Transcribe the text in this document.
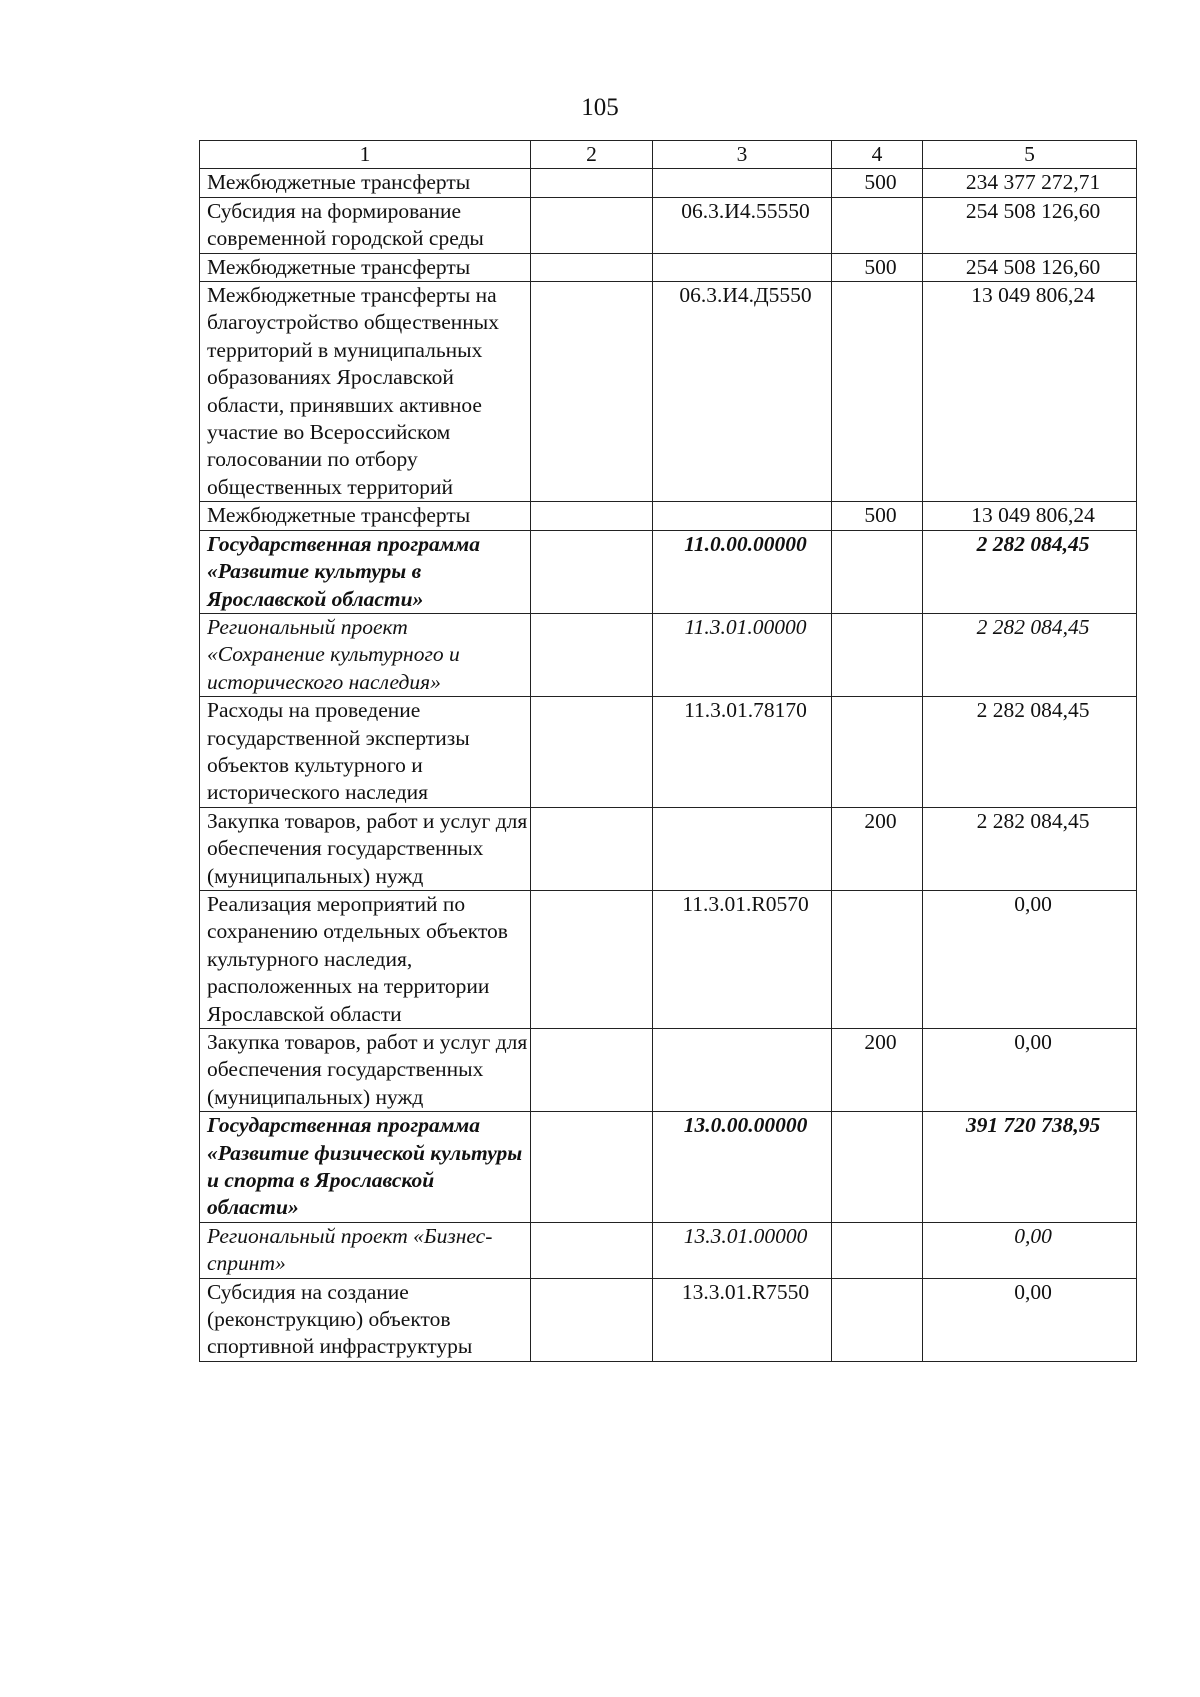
105
1	2	3	4	5
Межбюджетные трансферты			500	234 377 272,71
Субсидия на формирование современной городской среды		06.3.И4.55550		254 508 126,60
Межбюджетные трансферты			500	254 508 126,60
Межбюджетные трансферты на благоустройство общественных территорий в муниципальных образованиях Ярославской области, принявших активное участие во Всероссийском голосовании по отбору общественных территорий		06.3.И4.Д5550		13 049 806,24
Межбюджетные трансферты			500	13 049 806,24
Государственная программа «Развитие культуры в Ярославской области»		11.0.00.00000		2 282 084,45
Региональный проект «Сохранение культурного и исторического наследия»		11.3.01.00000		2 282 084,45
Расходы на проведение государственной экспертизы объектов культурного и исторического наследия		11.3.01.78170		2 282 084,45
Закупка товаров, работ и услуг для обеспечения государственных (муниципальных) нужд			200	2 282 084,45
Реализация мероприятий по сохранению отдельных объектов культурного наследия, расположенных на территории Ярославской области		11.3.01.R0570		0,00
Закупка товаров, работ и услуг для обеспечения государственных (муниципальных) нужд			200	0,00
Государственная программа «Развитие физической культуры и спорта в Ярославской области»		13.0.00.00000		391 720 738,95
Региональный проект «Бизнес-спринт»		13.3.01.00000		0,00
Субсидия на создание (реконструкцию) объектов спортивной инфраструктуры		13.3.01.R7550		0,00
